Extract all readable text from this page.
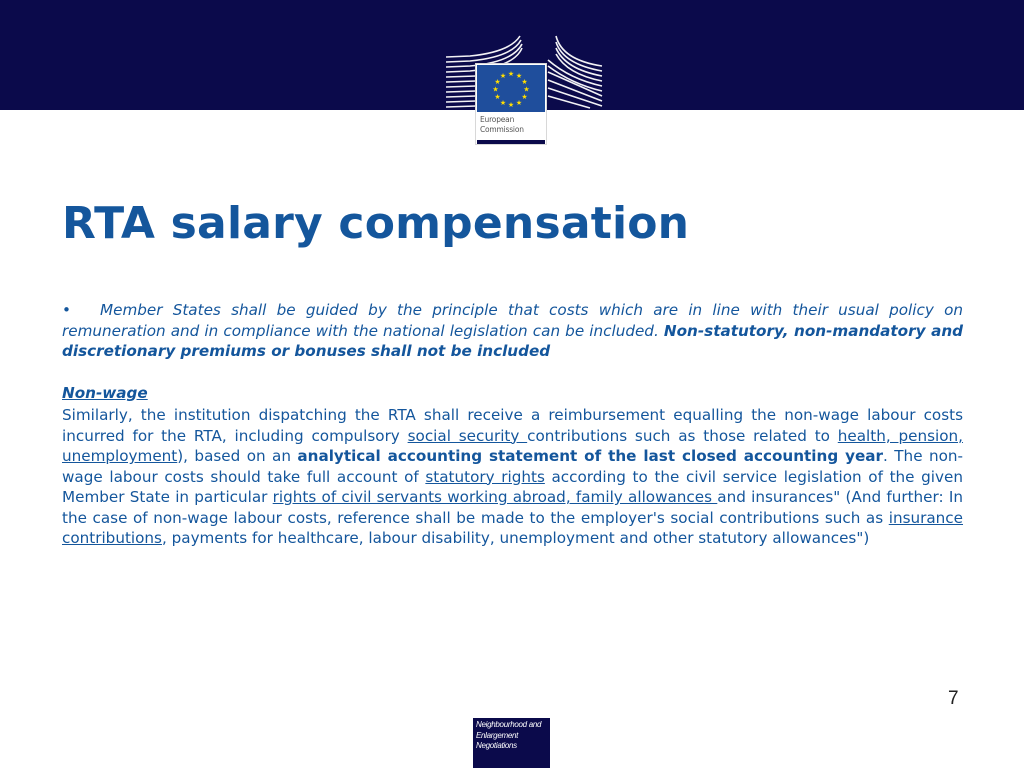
★ ★
★
★
★
★
★
★
★
★
★
★
European
Commission
RTA salary compensation

• Member States shall be guided by the principle that costs which are in line with their usual policy on remuneration and in compliance with the national legislation can be included. Non-statutory, non-mandatory and discretionary premiums or bonuses shall not be included

Non-wage

Similarly, the institution dispatching the RTA shall receive a reimbursement equalling the non-wage labour costs incurred for the RTA, including compulsory social security contributions such as those related to health, pension, unemployment), based on an analytical accounting statement of the last closed accounting year. The non-wage labour costs should take full account of statutory rights according to the civil service legislation of the given Member State in particular rights of civil servants working abroad, family allowances and insurances" (And further: In the case of non-wage labour costs, reference shall be made to the employer's social contributions such as insurance contributions, payments for healthcare, labour disability, unemployment and other statutory allowances")

7
Neighbourhood and
Enlargement
Negotiations
